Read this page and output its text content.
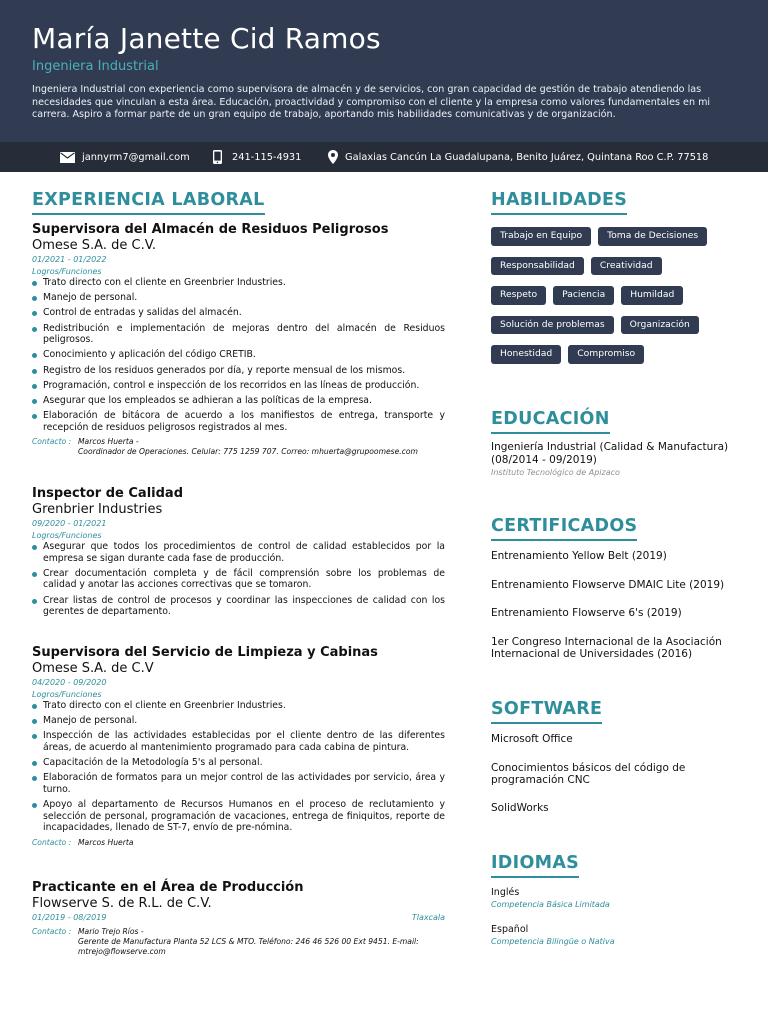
María Janette Cid Ramos
Ingeniera Industrial
Ingeniera Industrial con experiencia como supervisora de almacén y de servicios, con gran capacidad de gestión de trabajo atendiendo las necesidades que vinculan a esta área. Educación, proactividad y compromiso con el cliente y la empresa como valores fundamentales en mi carrera. Aspiro a formar parte de un gran equipo de trabajo, aportando mis habilidades comunicativas y de organización.
jannyrm7@gmail.com	241-115-4931	Galaxias Cancún La Guadalupana, Benito Juárez, Quintana Roo C.P. 77518
EXPERIENCIA LABORAL
Supervisora del Almacén de Residuos Peligrosos
Omese S.A. de C.V.
01/2021 - 01/2022
Logros/Funciones
Trato directo con el cliente en Greenbrier Industries.
Manejo de personal.
Control de entradas y salidas del almacén.
Redistribución e implementación de mejoras dentro del almacén de Residuos peligrosos.
Conocimiento y aplicación del código CRETIB.
Registro de los residuos generados por día, y reporte mensual de los mismos.
Programación, control e inspección de los recorridos en las líneas de producción.
Asegurar que los empleados se adhieran a las políticas de la empresa.
Elaboración de bitácora de acuerdo a los manifiestos de entrega, transporte y recepción de residuos peligrosos registrados al mes.
Contacto : Marcos Huerta -
Coordinador de Operaciones. Celular: 775 1259 707. Correo: mhuerta@grupoomese.com
Inspector de Calidad
Grenbrier Industries
09/2020 - 01/2021
Logros/Funciones
Asegurar que todos los procedimientos de control de calidad establecidos por la empresa se sigan durante cada fase de producción.
Crear documentación completa y de fácil comprensión sobre los problemas de calidad y anotar las acciones correctivas que se tomaron.
Crear listas de control de procesos y coordinar las inspecciones de calidad con los gerentes de departamento.
Supervisora del Servicio de Limpieza y Cabinas
Omese S.A. de C.V
04/2020 - 09/2020
Logros/Funciones
Trato directo con el cliente en Greenbrier Industries.
Manejo de personal.
Inspección de las actividades establecidas por el cliente dentro de las diferentes áreas, de acuerdo al mantenimiento programado para cada cabina de pintura.
Capacitación de la Metodología 5's al personal.
Elaboración de formatos para un mejor control de las actividades por servicio, área y turno.
Apoyo al departamento de Recursos Humanos en el proceso de reclutamiento y selección de personal, programación de vacaciones, entrega de finiquitos, reporte de incapacidades, llenado de ST-7, envío de pre-nómina.
Contacto : Marcos Huerta
Practicante en el Área de Producción
Flowserve S. de R.L. de C.V.
01/2019 - 08/2019	Tlaxcala
Contacto : Mario Trejo Ríos -
Gerente de Manufactura Planta 52 LCS & MTO. Teléfono: 246 46 526 00 Ext 9451. E-mail: mtrejo@flowserve.com
HABILIDADES
Trabajo en Equipo	Toma de Decisiones
Responsabilidad	Creatividad
Respeto	Paciencia	Humildad
Solución de problemas	Organización
Honestidad	Compromiso
EDUCACIÓN
Ingeniería Industrial (Calidad & Manufactura)
(08/2014 - 09/2019)
Instituto Tecnológico de Apizaco
CERTIFICADOS
Entrenamiento Yellow Belt (2019)
Entrenamiento Flowserve DMAIC Lite (2019)
Entrenamiento Flowserve 6's (2019)
1er Congreso Internacional de la Asociación Internacional de Universidades (2016)
SOFTWARE
Microsoft Office
Conocimientos básicos del código de programación CNC
SolidWorks
IDIOMAS
Inglés
Competencia Básica Limitada
Español
Competencia Bilingüe o Nativa
